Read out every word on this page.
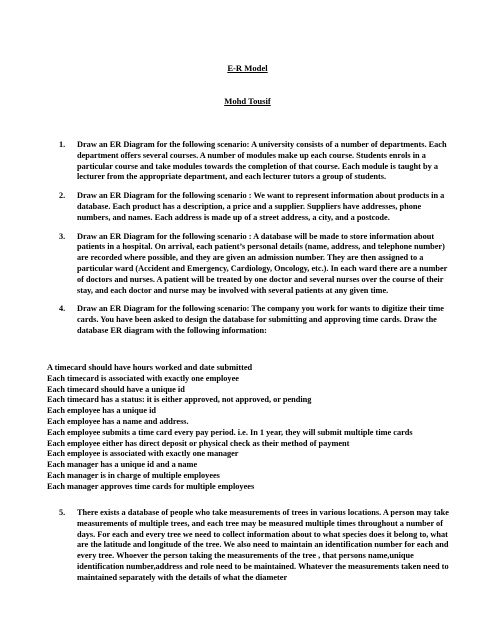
E-R Model
Mohd Tousif
1. Draw an ER Diagram for the following scenario: A university consists of a number of departments. Each department offers several courses. A number of modules make up each course. Students enrols in a particular course and take modules towards the completion of that course. Each module is taught by a lecturer from the appropriate department, and each lecturer tutors a group of students.
2. Draw an ER Diagram for the following scenario : We want to represent information about products in a database. Each product has a description, a price and a supplier. Suppliers have addresses, phone numbers, and names. Each address is made up of a street address, a city, and a postcode.
3. Draw an ER Diagram for the following scenario : A database will be made to store information about patients in a hospital. On arrival, each patient’s personal details (name, address, and telephone number) are recorded where possible, and they are given an admission number. They are then assigned to a particular ward (Accident and Emergency, Cardiology, Oncology, etc.). In each ward there are a number of doctors and nurses. A patient will be treated by one doctor and several nurses over the course of their stay, and each doctor and nurse may be involved with several patients at any given time.
4. Draw an ER Diagram for the following scenario: The company you work for wants to digitize their time cards. You have been asked to design the database for submitting and approving time cards. Draw the database ER diagram with the following information:
A timecard should have hours worked and date submitted
Each timecard is associated with exactly one employee
Each timecard should have a unique id
Each timecard has a status: it is either approved, not approved, or pending
Each employee has a unique id
Each employee has a name and address.
Each employee submits a time card every pay period. i.e. In 1 year, they will submit multiple time cards
Each employee either has direct deposit or physical check as their method of payment
Each employee is associated with exactly one manager
Each manager has a unique id and a name
Each manager is in charge of multiple employees
Each manager approves time cards for multiple employees
5. There exists a database of people who take measurements of trees in various locations. A person may take measurements of multiple trees, and each tree may be measured multiple times throughout a number of days. For each and every tree we need to collect information about to what species does it belong to, what are the latitude and longitude of the tree. We also need to maintain an identification number for each and every tree. Whoever the person taking the measurements of the tree , that persons name,unique identification number,address and role need to be maintained. Whatever the measurements taken need to maintained separately with the details of what the diameter
